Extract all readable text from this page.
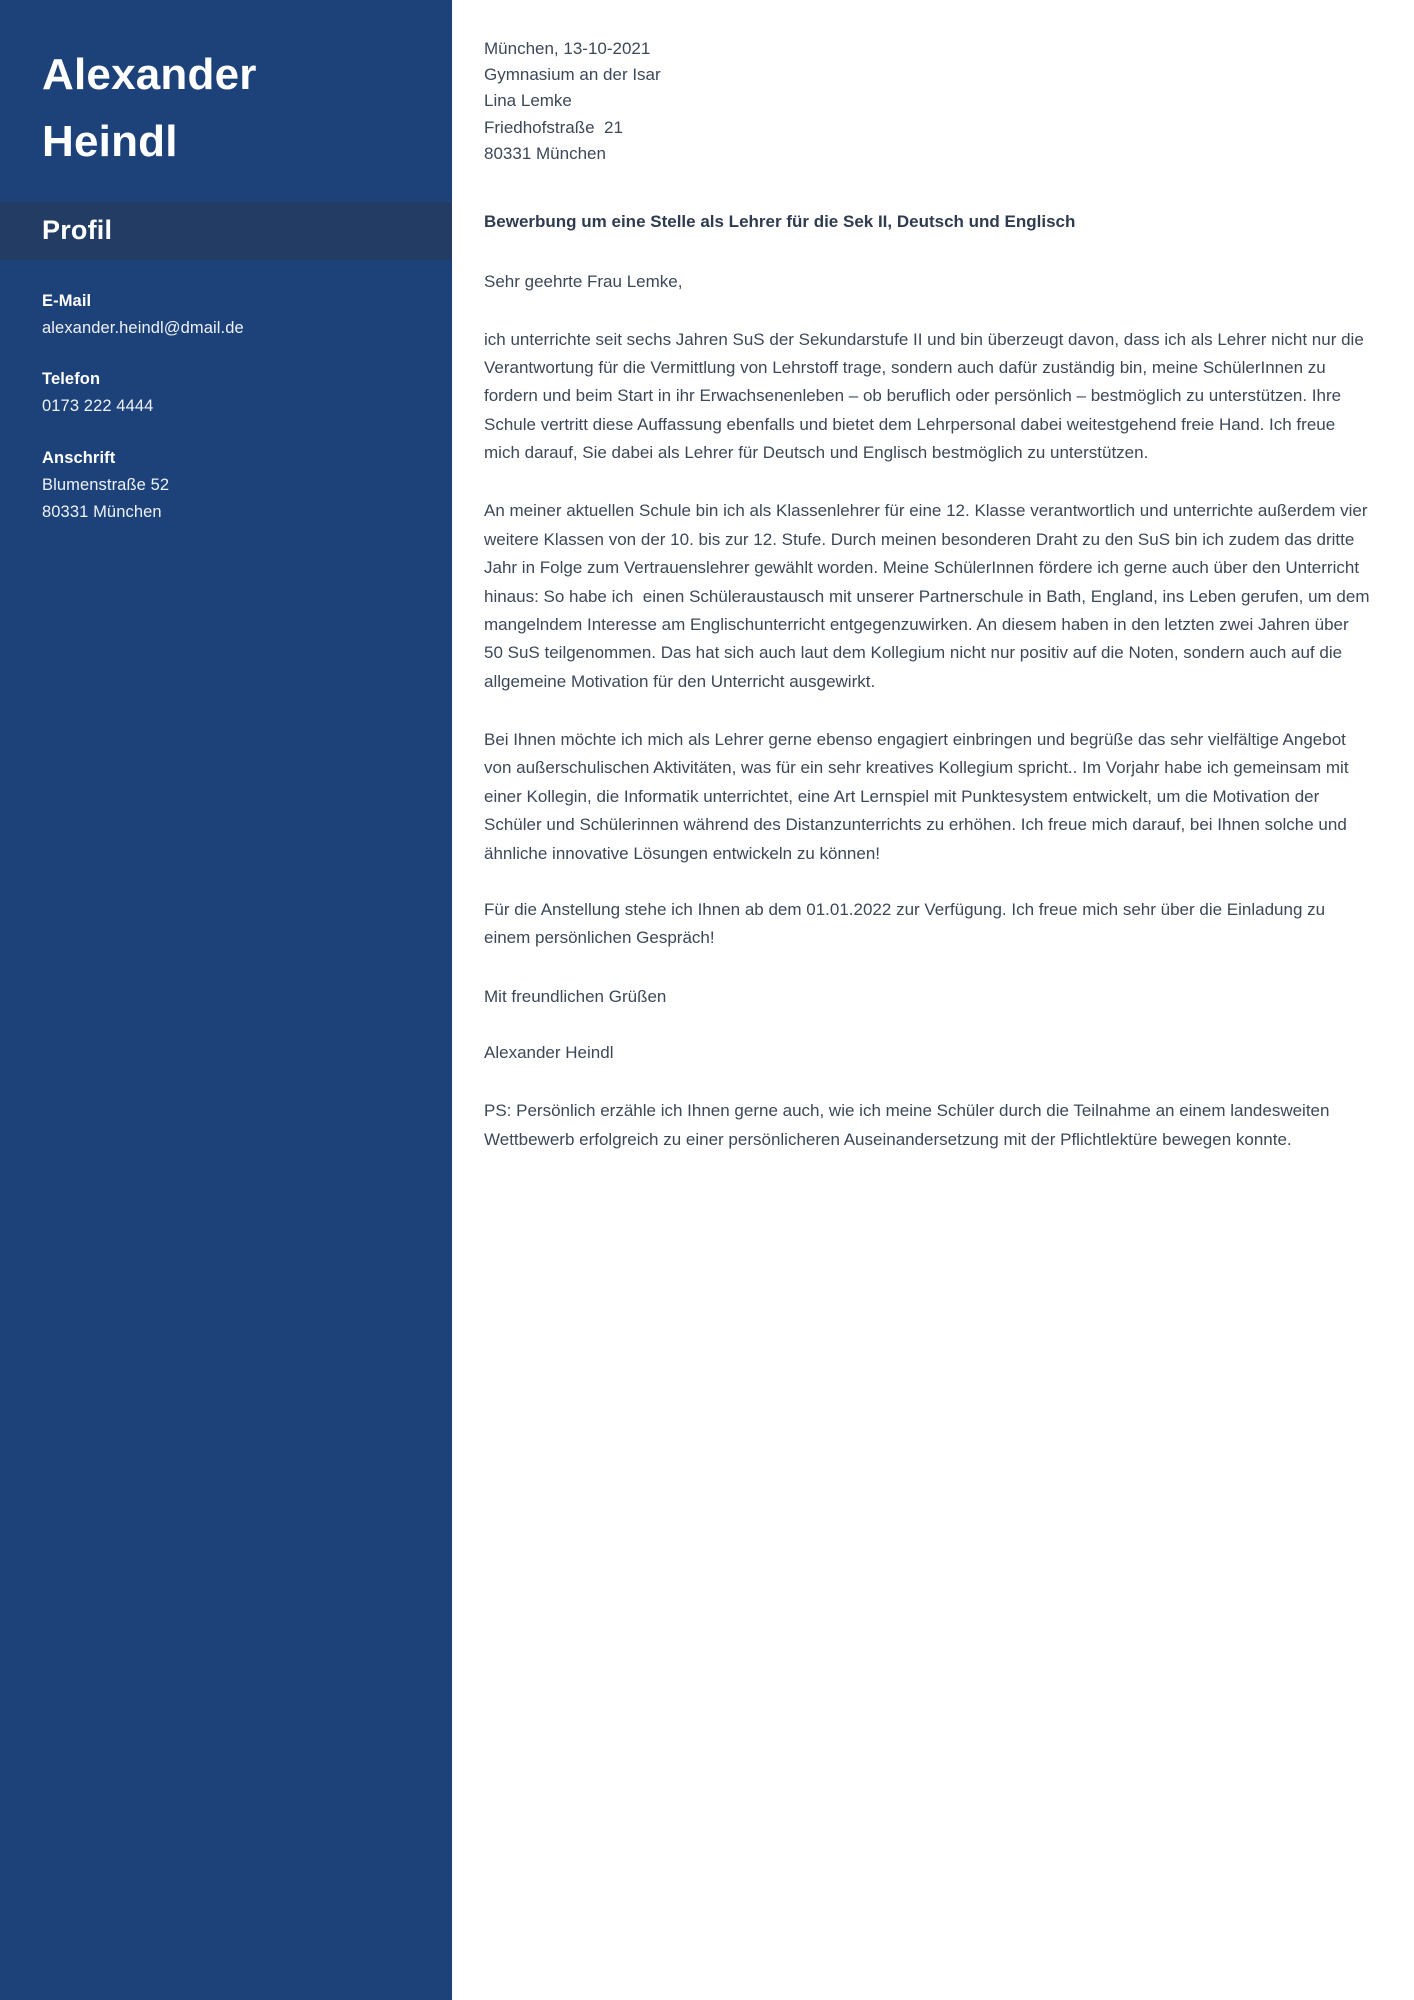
Alexander
Heindl
Profil
E-Mail
alexander.heindl@dmail.de
Telefon
0173 222 4444
Anschrift
Blumenstraße 52
80331 München
München, 13-10-2021
Gymnasium an der Isar
Lina Lemke
Friedhofstraße  21
80331 München
Bewerbung um eine Stelle als Lehrer für die Sek II, Deutsch und Englisch
Sehr geehrte Frau Lemke,

ich unterrichte seit sechs Jahren SuS der Sekundarstufe II und bin überzeugt davon, dass ich als Lehrer nicht nur die Verantwortung für die Vermittlung von Lehrstoff trage, sondern auch dafür zuständig bin, meine SchülerInnen zu fordern und beim Start in ihr Erwachsenenleben – ob beruflich oder persönlich – bestmöglich zu unterstützen. Ihre Schule vertritt diese Auffassung ebenfalls und bietet dem Lehrpersonal dabei weitestgehend freie Hand. Ich freue mich darauf, Sie dabei als Lehrer für Deutsch und Englisch bestmöglich zu unterstützen.

An meiner aktuellen Schule bin ich als Klassenlehrer für eine 12. Klasse verantwortlich und unterrichte außerdem vier weitere Klassen von der 10. bis zur 12. Stufe. Durch meinen besonderen Draht zu den SuS bin ich zudem das dritte Jahr in Folge zum Vertrauenslehrer gewählt worden. Meine SchülerInnen fördere ich gerne auch über den Unterricht hinaus: So habe ich  einen Schüleraustausch mit unserer Partnerschule in Bath, England, ins Leben gerufen, um dem mangelndem Interesse am Englischunterricht entgegenzuwirken. An diesem haben in den letzten zwei Jahren über 50 SuS teilgenommen. Das hat sich auch laut dem Kollegium nicht nur positiv auf die Noten, sondern auch auf die allgemeine Motivation für den Unterricht ausgewirkt.

Bei Ihnen möchte ich mich als Lehrer gerne ebenso engagiert einbringen und begrüße das sehr vielfältige Angebot von außerschulischen Aktivitäten, was für ein sehr kreatives Kollegium spricht.. Im Vorjahr habe ich gemeinsam mit einer Kollegin, die Informatik unterrichtet, eine Art Lernspiel mit Punktesystem entwickelt, um die Motivation der Schüler und Schülerinnen während des Distanzunterrichts zu erhöhen. Ich freue mich darauf, bei Ihnen solche und ähnliche innovative Lösungen entwickeln zu können!

Für die Anstellung stehe ich Ihnen ab dem 01.01.2022 zur Verfügung. Ich freue mich sehr über die Einladung zu einem persönlichen Gespräch!

Mit freundlichen Grüßen
Alexander Heindl

PS: Persönlich erzähle ich Ihnen gerne auch, wie ich meine Schüler durch die Teilnahme an einem landesweiten Wettbewerb erfolgreich zu einer persönlicheren Auseinandersetzung mit der Pflichtlektüre bewegen konnte.
